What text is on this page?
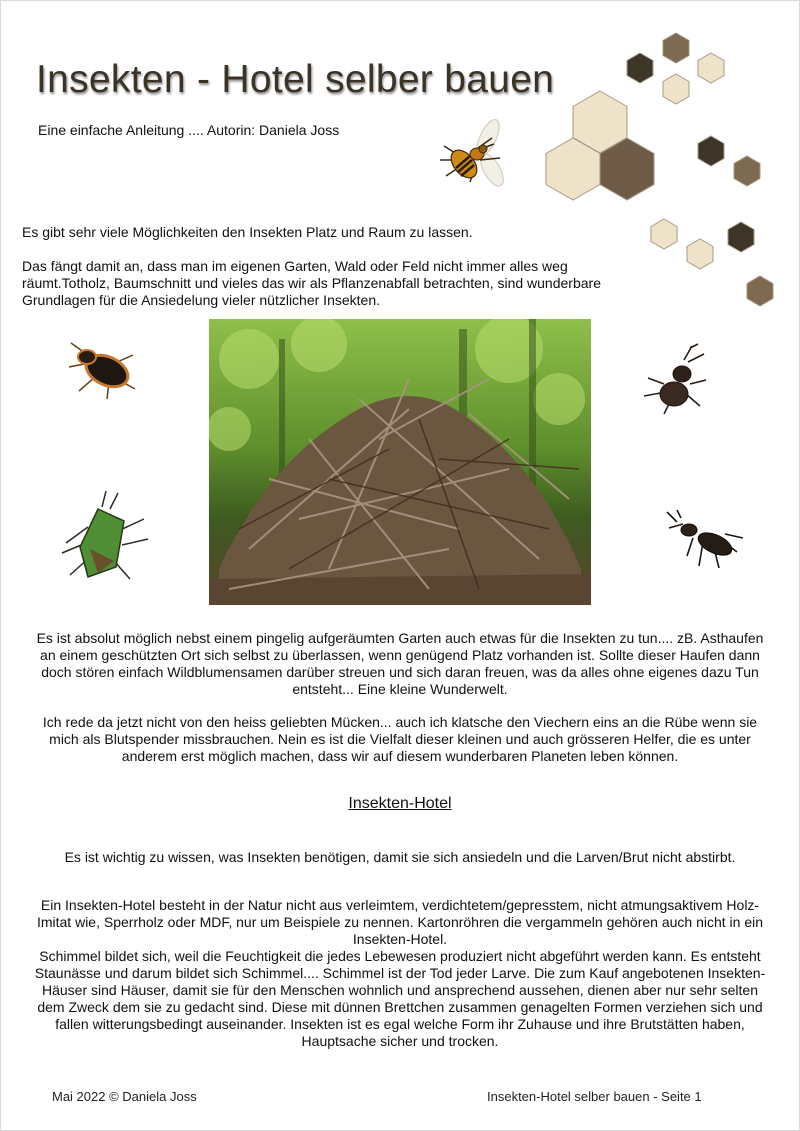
Insekten - Hotel selber bauen
Eine einfache Anleitung .... Autorin: Daniela Joss

Es gibt sehr viele Möglichkeiten den Insekten Platz und Raum zu lassen.

Das fängt damit an, dass man im eigenen Garten, Wald oder Feld nicht immer alles weg räumt.Totholz, Baumschnitt und vieles das wir als Pflanzenabfall betrachten, sind wunderbare Grundlagen für die Ansiedelung vieler nützlicher Insekten.

Es ist absolut möglich nebst einem pingelig aufgeräumten Garten auch etwas für die Insekten zu tun.... zB. Asthaufen an einem geschützten Ort sich selbst zu überlassen, wenn genügend Platz vorhanden ist. Sollte dieser Haufen dann doch stören einfach Wildblumensamen darüber streuen und sich daran freuen, was da alles ohne eigenes dazu Tun entsteht... Eine kleine Wunderwelt.

Ich rede da jetzt nicht von den heiss geliebten Mücken... auch ich klatsche den Viechern eins an die Rübe wenn sie mich als Blutspender missbrauchen. Nein es ist die Vielfalt dieser kleinen und auch grösseren Helfer, die es unter anderem erst möglich machen, dass wir auf diesem wunderbaren Planeten leben können.

Insekten-Hotel

Es ist wichtig zu wissen, was Insekten benötigen, damit sie sich ansiedeln und die Larven/Brut nicht abstirbt.

Ein Insekten-Hotel besteht in der Natur nicht aus verleimtem, verdichtetem/gepresstem, nicht atmungsaktivem Holz-Imitat wie, Sperrholz oder MDF, nur um Beispiele zu nennen. Kartonröhren die vergammeln gehören auch nicht in ein Insekten-Hotel.

Schimmel bildet sich, weil die Feuchtigkeit die jedes Lebewesen produziert nicht abgeführt werden kann. Es entsteht Staunässe und darum bildet sich Schimmel.... Schimmel ist der Tod jeder Larve. Die zum Kauf angebotenen Insekten-Häuser sind Häuser, damit sie für den Menschen wohnlich und ansprechend aussehen, dienen aber nur sehr selten dem Zweck dem sie zu gedacht sind. Diese mit dünnen Brettchen zusammen genagelten Formen verziehen sich und fallen witterungsbedingt auseinander. Insekten ist es egal welche Form ihr Zuhause und ihre Brutstätten haben, Hauptsache sicher und trocken.

Mai 2022 © Daniela Joss	Insekten-Hotel selber bauen - Seite 1
